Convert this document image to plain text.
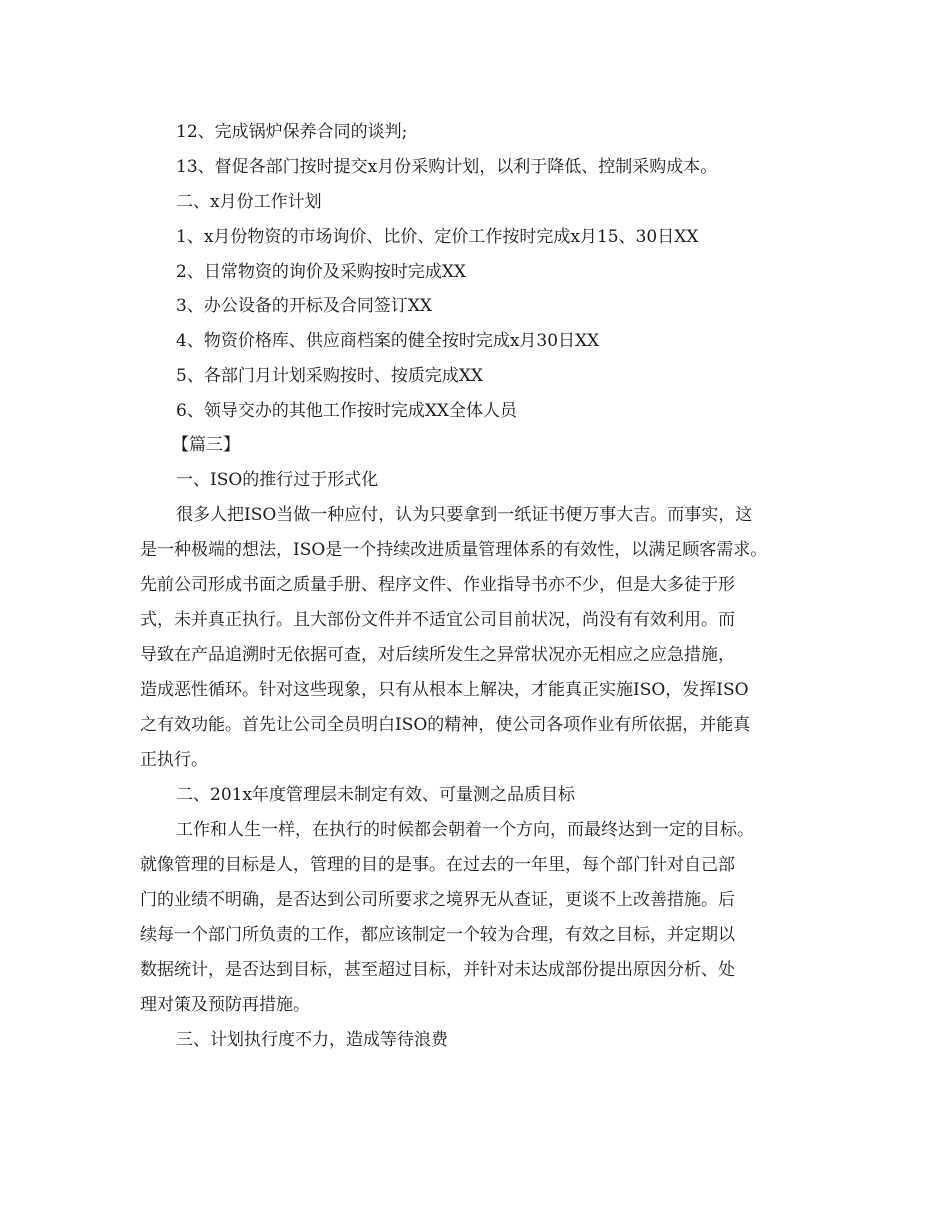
12、完成锅炉保养合同的谈判;
13、督促各部门按时提交x月份采购计划，以利于降低、控制采购成本。
二、x月份工作计划
1、x月份物资的市场询价、比价、定价工作按时完成x月15、30日XX
2、日常物资的询价及采购按时完成XX
3、办公设备的开标及合同签订XX
4、物资价格库、供应商档案的健全按时完成x月30日XX
5、各部门月计划采购按时、按质完成XX
6、领导交办的其他工作按时完成XX全体人员
【篇三】
一、ISO的推行过于形式化
很多人把ISO当做一种应付，认为只要拿到一纸证书便万事大吉。而事实，这
是一种极端的想法，ISO是一个持续改进质量管理体系的有效性，以满足顾客需求。
先前公司形成书面之质量手册、程序文件、作业指导书亦不少，但是大多徒于形
式，未并真正执行。且大部份文件并不适宜公司目前状况，尚没有有效利用。而
导致在产品追溯时无依据可查，对后续所发生之异常状况亦无相应之应急措施，
造成恶性循环。针对这些现象，只有从根本上解决，才能真正实施ISO，发挥ISO
之有效功能。首先让公司全员明白ISO的精神，使公司各项作业有所依据，并能真
正执行。
二、201x年度管理层未制定有效、可量测之品质目标
工作和人生一样，在执行的时候都会朝着一个方向，而最终达到一定的目标。
就像管理的目标是人，管理的目的是事。在过去的一年里，每个部门针对自己部
门的业绩不明确，是否达到公司所要求之境界无从查证，更谈不上改善措施。后
续每一个部门所负责的工作，都应该制定一个较为合理，有效之目标，并定期以
数据统计，是否达到目标，甚至超过目标，并针对未达成部份提出原因分析、处
理对策及预防再措施。
三、计划执行度不力，造成等待浪费
